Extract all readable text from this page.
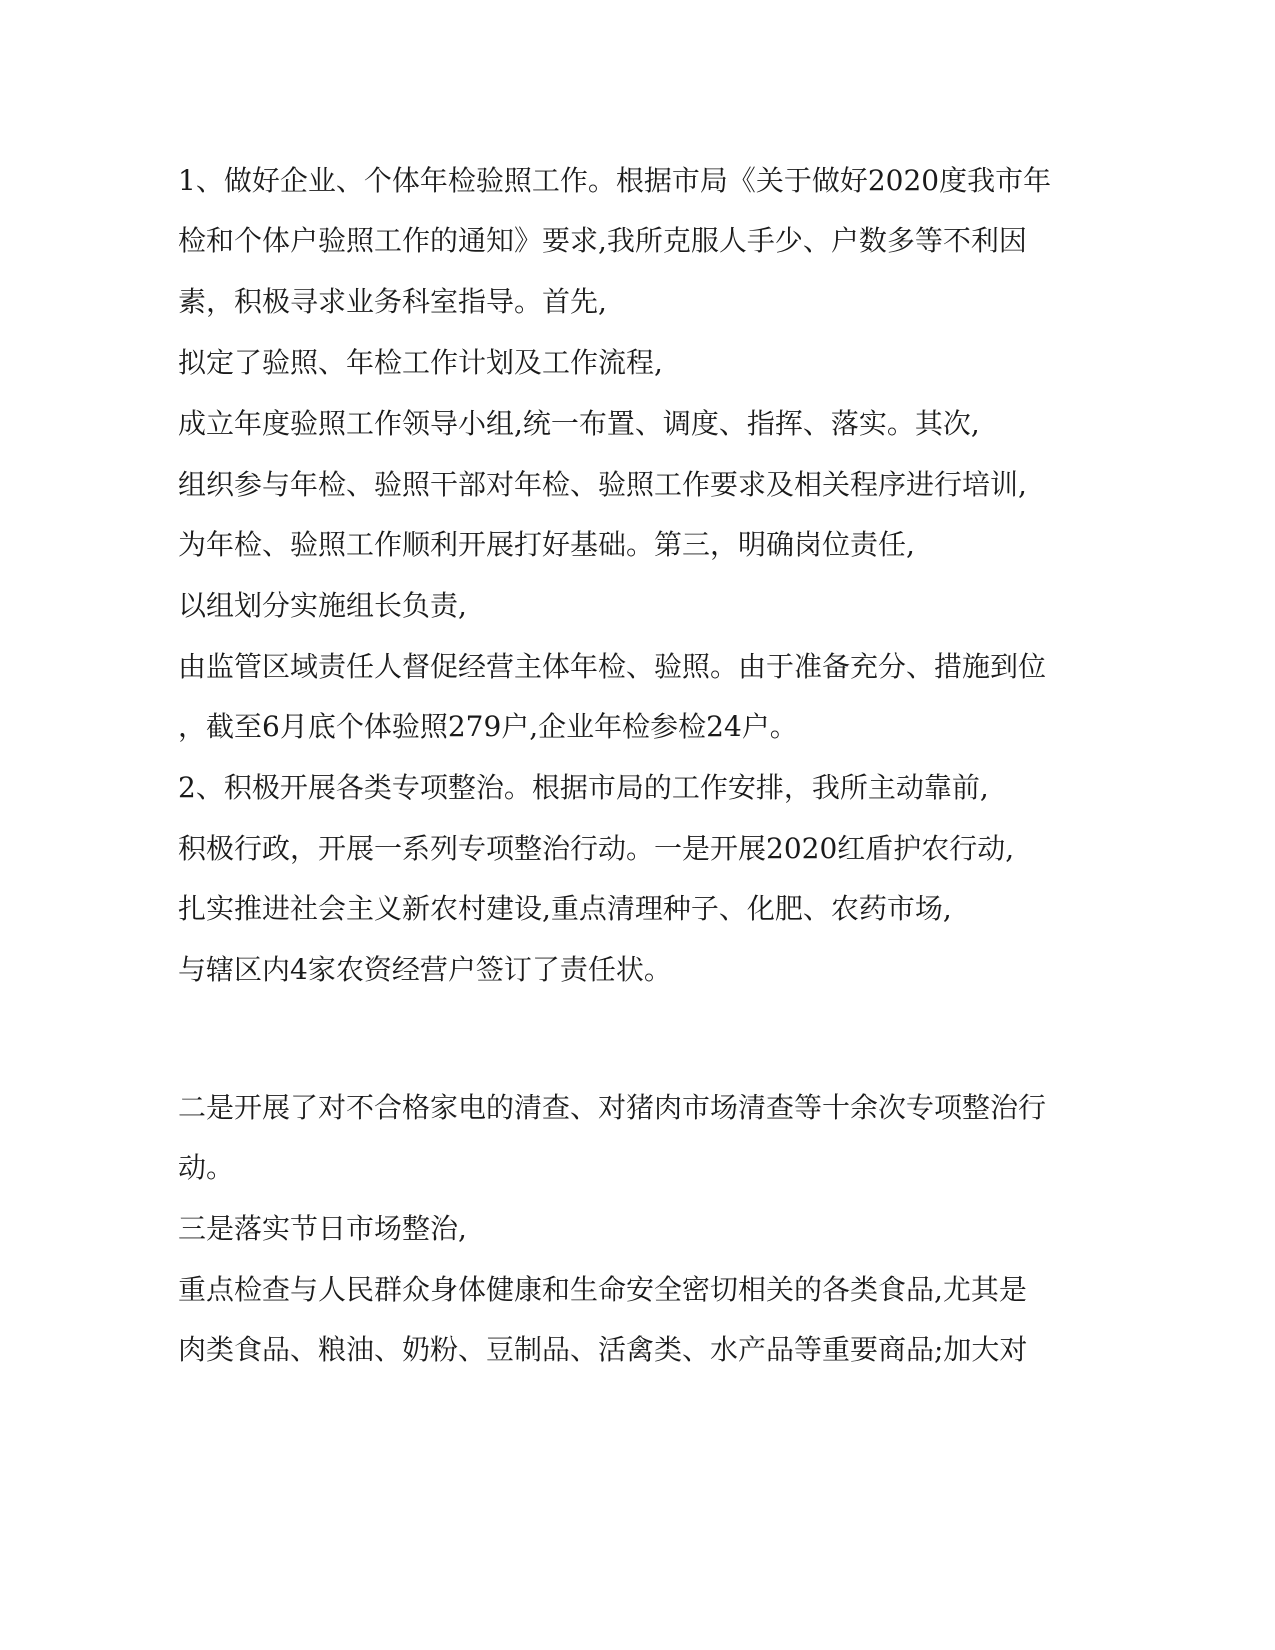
1、做好企业、个体年检验照工作。根据市局《关于做好2020度我市年

检和个体户验照工作的通知》要求,我所克服人手少、户数多等不利因

素，积极寻求业务科室指导。首先,

拟定了验照、年检工作计划及工作流程,

成立年度验照工作领导小组,统一布置、调度、指挥、落实。其次,

组织参与年检、验照干部对年检、验照工作要求及相关程序进行培训,

为年检、验照工作顺利开展打好基础。第三，明确岗位责任,

以组划分实施组长负责,

由监管区域责任人督促经营主体年检、验照。由于准备充分、措施到位

，截至6月底个体验照279户,企业年检参检24户。

2、积极开展各类专项整治。根据市局的工作安排，我所主动靠前,

积极行政，开展一系列专项整治行动。一是开展2020红盾护农行动,

扎实推进社会主义新农村建设,重点清理种子、化肥、农药市场,

与辖区内4家农资经营户签订了责任状。

二是开展了对不合格家电的清查、对猪肉市场清查等十余次专项整治行

动。

三是落实节日市场整治,

重点检查与人民群众身体健康和生命安全密切相关的各类食品,尤其是

肉类食品、粮油、奶粉、豆制品、活禽类、水产品等重要商品;加大对
